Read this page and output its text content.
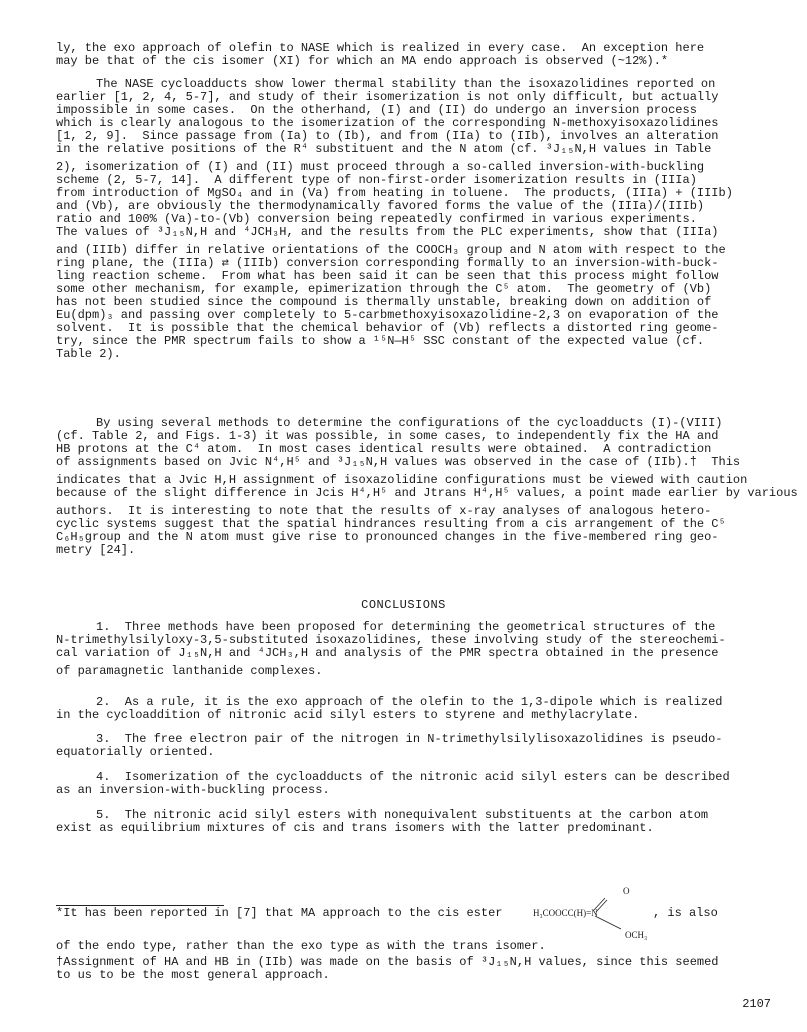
ly, the exo approach of olefin to NASE which is realized in every case.  An exception here
may be that of the cis isomer (XI) for which an MA endo approach is observed (~12%).*
The NASE cycloadducts show lower thermal stability than the isoxazolidines reported on
earlier [1, 2, 4, 5-7], and study of their isomerization is not only difficult, but actually
impossible in some cases.  On the otherhand, (I) and (II) do undergo an inversion process
which is clearly analogous to the isomerization of the corresponding N-methoxyisoxazolidines
[1, 2, 9].  Since passage from (Ia) to (Ib), and from (IIa) to (IIb), involves an alteration
in the relative positions of the R⁴ substituent and the N atom (cf. ³J₁₅N,H values in Table
2), isomerization of (I) and (II) must proceed through a so-called inversion-with-buckling
scheme (2, 5-7, 14].  A different type of non-first-order isomerization results in (IIIa)
from introduction of MgSO₄ and in (Va) from heating in toluene.  The products, (IIIa) + (IIIb)
and (Vb), are obviously the thermodynamically favored forms the value of the (IIIa)/(IIIb)
ratio and 100% (Va)-to-(Vb) conversion being repeatedly confirmed in various experiments.
The values of ³J₁₅N,H and ⁴JCH₃H, and the results from the PLC experiments, show that (IIIa)
and (IIIb) differ in relative orientations of the COOCH₃ group and N atom with respect to the
ring plane, the (IIIa) ⇄ (IIIb) conversion corresponding formally to an inversion-with-buck-
ling reaction scheme.  From what has been said it can be seen that this process might follow
some other mechanism, for example, epimerization through the C⁵ atom.  The geometry of (Vb)
has not been studied since the compound is thermally unstable, breaking down on addition of
Eu(dpm)₃ and passing over completely to 5-carbmethoxyisoxazolidine-2,3 on evaporation of the
solvent.  It is possible that the chemical behavior of (Vb) reflects a distorted ring geome-
try, since the PMR spectrum fails to show a ¹⁵N—H⁵ SSC constant of the expected value (cf.
Table 2).
By using several methods to determine the configurations of the cycloadducts (I)-(VIII)
(cf. Table 2, and Figs. 1-3) it was possible, in some cases, to independently fix the HA and
HB protons at the C⁴ atom.  In most cases identical results were obtained.  A contradiction
of assignments based on Jvic N⁴,H⁵ and ³J₁₅N,H values was observed in the case of (IIb).†  This
indicates that a Jvic H,H assignment of isoxazolidine configurations must be viewed with caution
because of the slight difference in Jcis H⁴,H⁵ and Jtrans H⁴,H⁵ values, a point made earlier by various
authors.  It is interesting to note that the results of x-ray analyses of analogous hetero-
cyclic systems suggest that the spatial hindrances resulting from a cis arrangement of the C⁵
C₆H₅group and the N atom must give rise to pronounced changes in the five-membered ring geo-
metry [24].
CONCLUSIONS
1.  Three methods have been proposed for determining the geometrical structures of the
N-trimethylsilyloxy-3,5-substituted isoxazolidines, these involving study of the stereochemi-
cal variation of J₁₅N,H and ⁴JCH₃,H and analysis of the PMR spectra obtained in the presence
of paramagnetic lanthanide complexes.
2.  As a rule, it is the exo approach of the olefin to the 1,3-dipole which is realized
in the cycloaddition of nitronic acid silyl esters to styrene and methylacrylate.
3.  The free electron pair of the nitrogen in N-trimethylsilylisoxazolidines is pseudo-
equatorially oriented.
4.  Isomerization of the cycloadducts of the nitronic acid silyl esters can be described
as an inversion-with-buckling process.
5.  The nitronic acid silyl esters with nonequivalent substituents at the carbon atom
exist as equilibrium mixtures of cis and trans isomers with the latter predominant.
*It has been reported in [7] that MA approach to the cis ester	, is also
O
H₃COOCC(H)=N
OCH₃
of the endo type, rather than the exo type as with the trans isomer.
†Assignment of HA and HB in (IIb) was made on the basis of ³J₁₅N,H values, since this seemed
to us to be the most general approach.
2107
